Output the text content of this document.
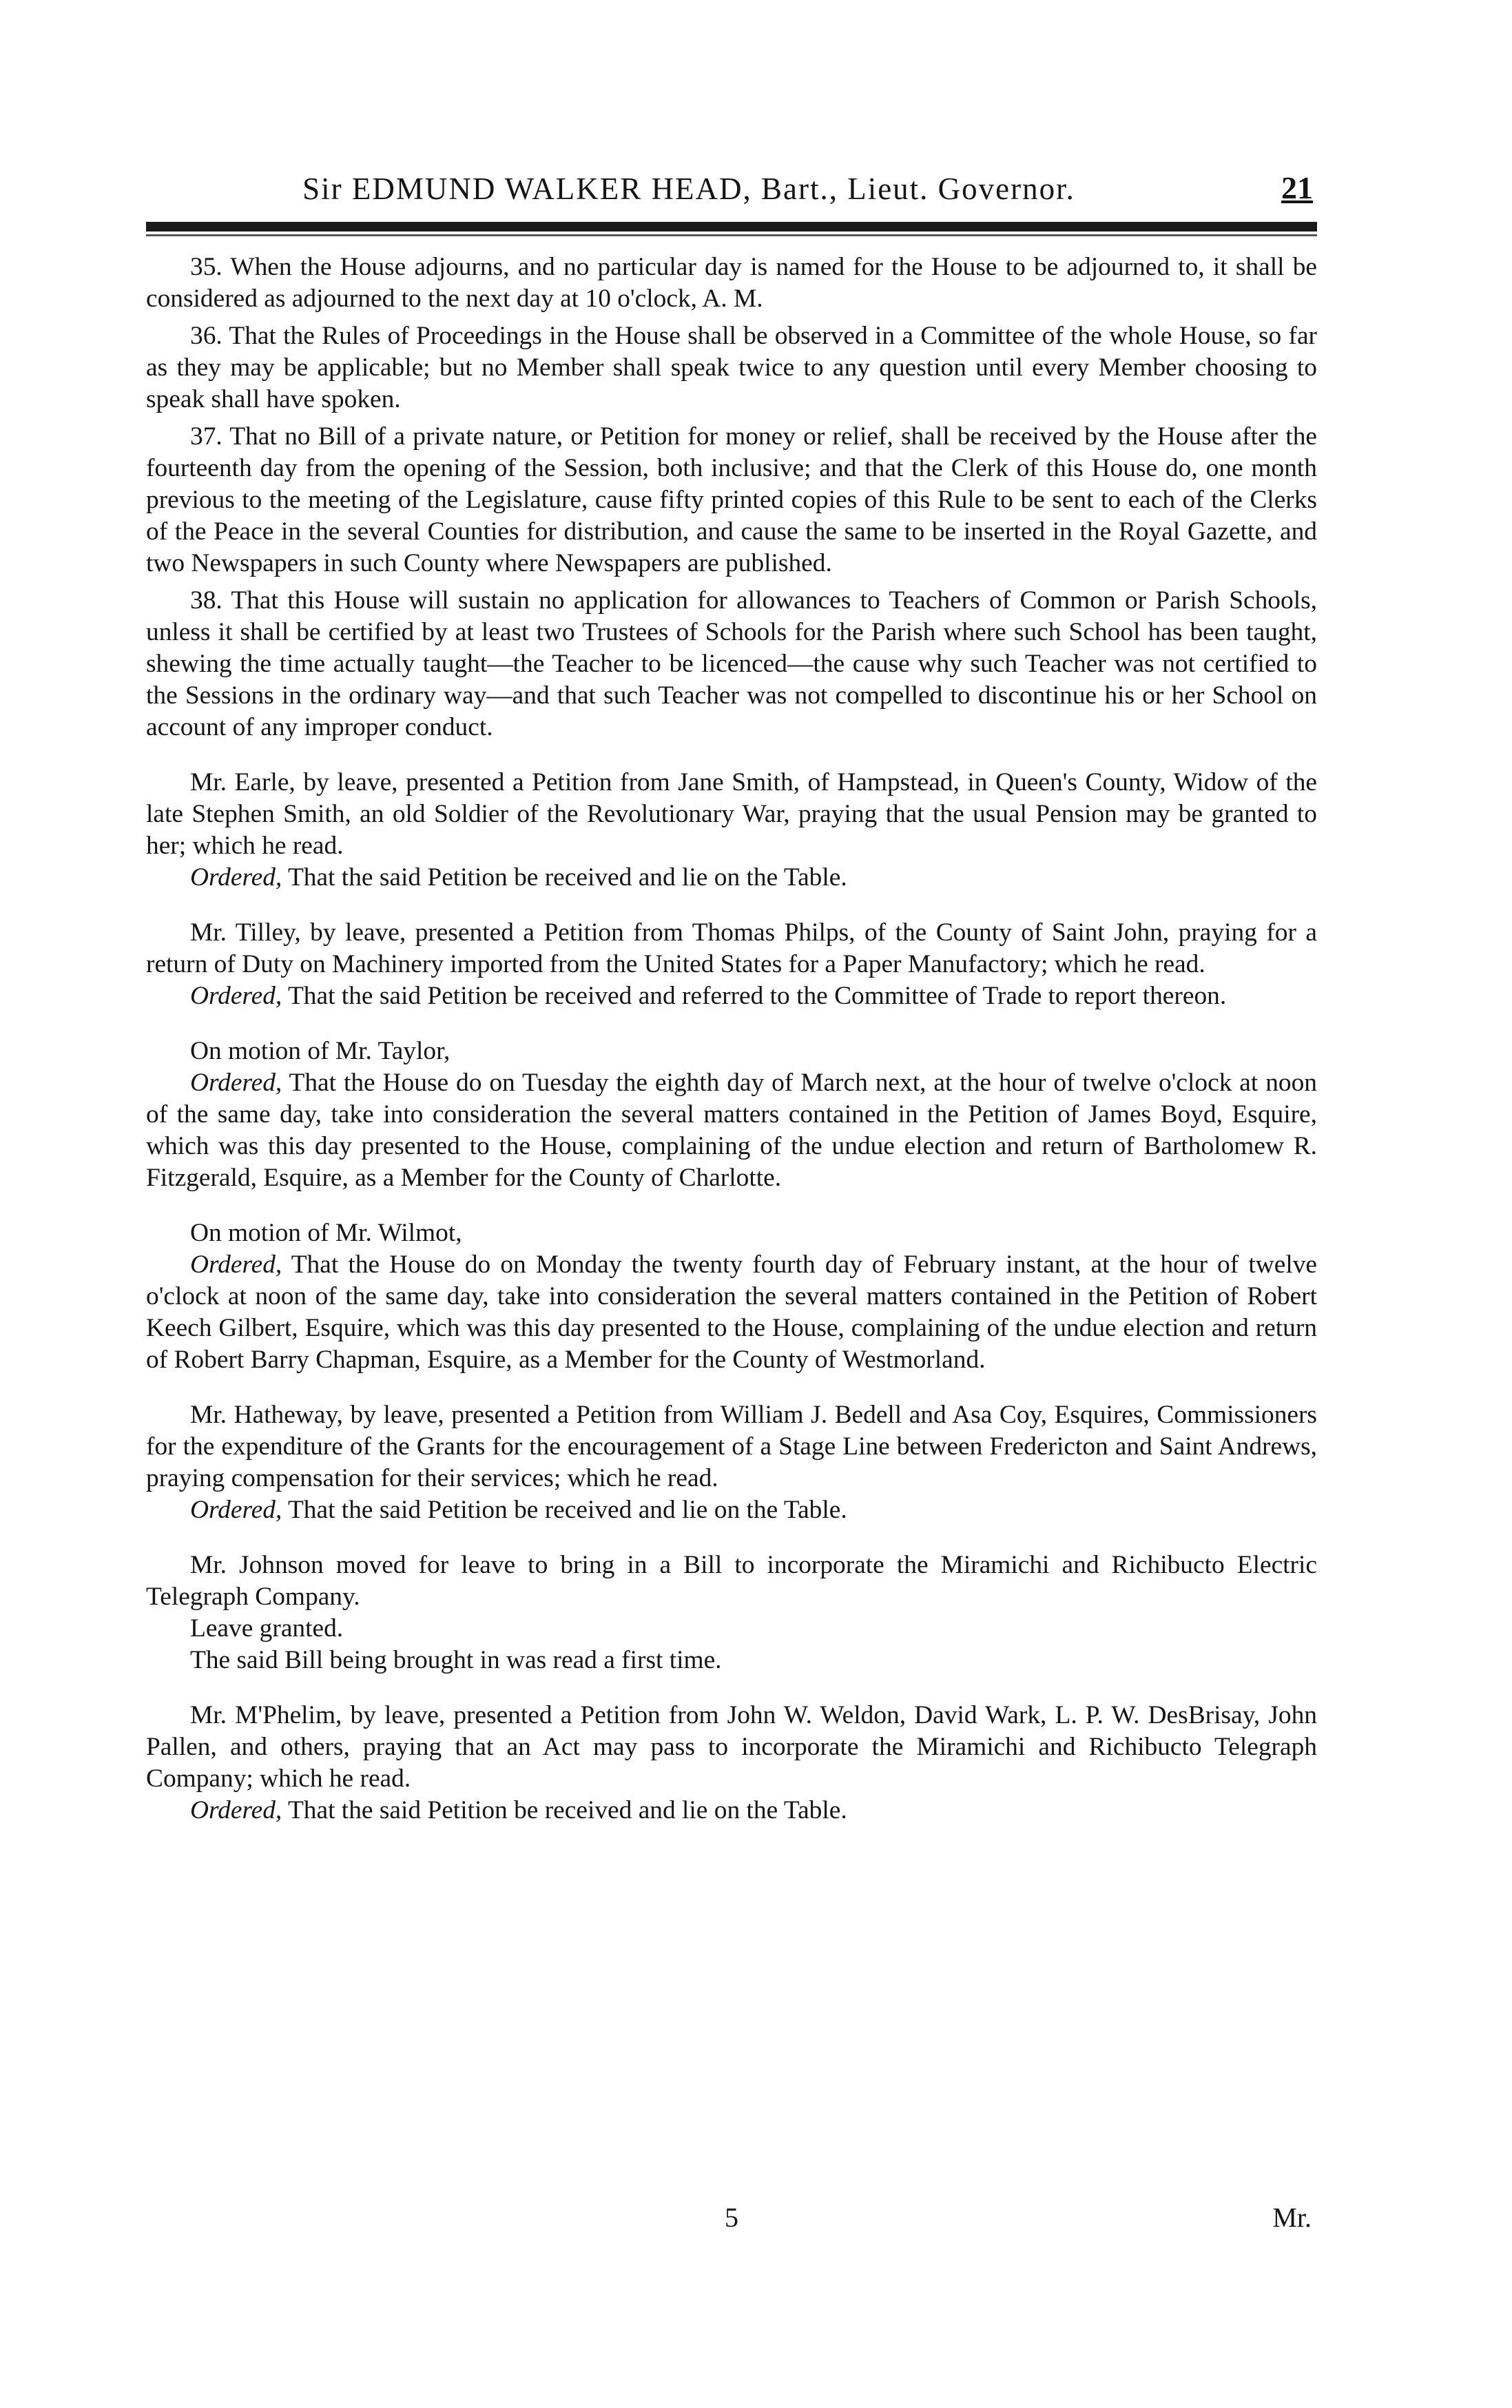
Sir EDMUND WALKER HEAD, Bart., Lieut. Governor.	21

35. When the House adjourns, and no particular day is named for the House to be adjourned to, it shall be considered as adjourned to the next day at 10 o'clock, A. M.

36. That the Rules of Proceedings in the House shall be observed in a Committee of the whole House, so far as they may be applicable; but no Member shall speak twice to any question until every Member choosing to speak shall have spoken.

37. That no Bill of a private nature, or Petition for money or relief, shall be received by the House after the fourteenth day from the opening of the Session, both inclusive; and that the Clerk of this House do, one month previous to the meeting of the Legislature, cause fifty printed copies of this Rule to be sent to each of the Clerks of the Peace in the several Counties for distribution, and cause the same to be inserted in the Royal Gazette, and two Newspapers in such County where Newspapers are published.

38. That this House will sustain no application for allowances to Teachers of Common or Parish Schools, unless it shall be certified by at least two Trustees of Schools for the Parish where such School has been taught, shewing the time actually taught—the Teacher to be licenced—the cause why such Teacher was not certified to the Sessions in the ordinary way—and that such Teacher was not compelled to discontinue his or her School on account of any improper conduct.

Mr. Earle, by leave, presented a Petition from Jane Smith, of Hampstead, in Queen's County, Widow of the late Stephen Smith, an old Soldier of the Revolutionary War, praying that the usual Pension may be granted to her; which he read.

Ordered, That the said Petition be received and lie on the Table.

Mr. Tilley, by leave, presented a Petition from Thomas Philps, of the County of Saint John, praying for a return of Duty on Machinery imported from the United States for a Paper Manufactory; which he read.

Ordered, That the said Petition be received and referred to the Committee of Trade to report thereon.

On motion of Mr. Taylor,

Ordered, That the House do on Tuesday the eighth day of March next, at the hour of twelve o'clock at noon of the same day, take into consideration the several matters contained in the Petition of James Boyd, Esquire, which was this day presented to the House, complaining of the undue election and return of Bartholomew R. Fitzgerald, Esquire, as a Member for the County of Charlotte.

On motion of Mr. Wilmot,

Ordered, That the House do on Monday the twenty fourth day of February instant, at the hour of twelve o'clock at noon of the same day, take into consideration the several matters contained in the Petition of Robert Keech Gilbert, Esquire, which was this day presented to the House, complaining of the undue election and return of Robert Barry Chapman, Esquire, as a Member for the County of Westmorland.

Mr. Hatheway, by leave, presented a Petition from William J. Bedell and Asa Coy, Esquires, Commissioners for the expenditure of the Grants for the encouragement of a Stage Line between Fredericton and Saint Andrews, praying compensation for their services; which he read.

Ordered, That the said Petition be received and lie on the Table.

Mr. Johnson moved for leave to bring in a Bill to incorporate the Miramichi and Richibucto Electric Telegraph Company.

Leave granted.

The said Bill being brought in was read a first time.

Mr. M'Phelim, by leave, presented a Petition from John W. Weldon, David Wark, L. P. W. DesBrisay, John Pallen, and others, praying that an Act may pass to incorporate the Miramichi and Richibucto Telegraph Company; which he read.

Ordered, That the said Petition be received and lie on the Table.

5	Mr.
